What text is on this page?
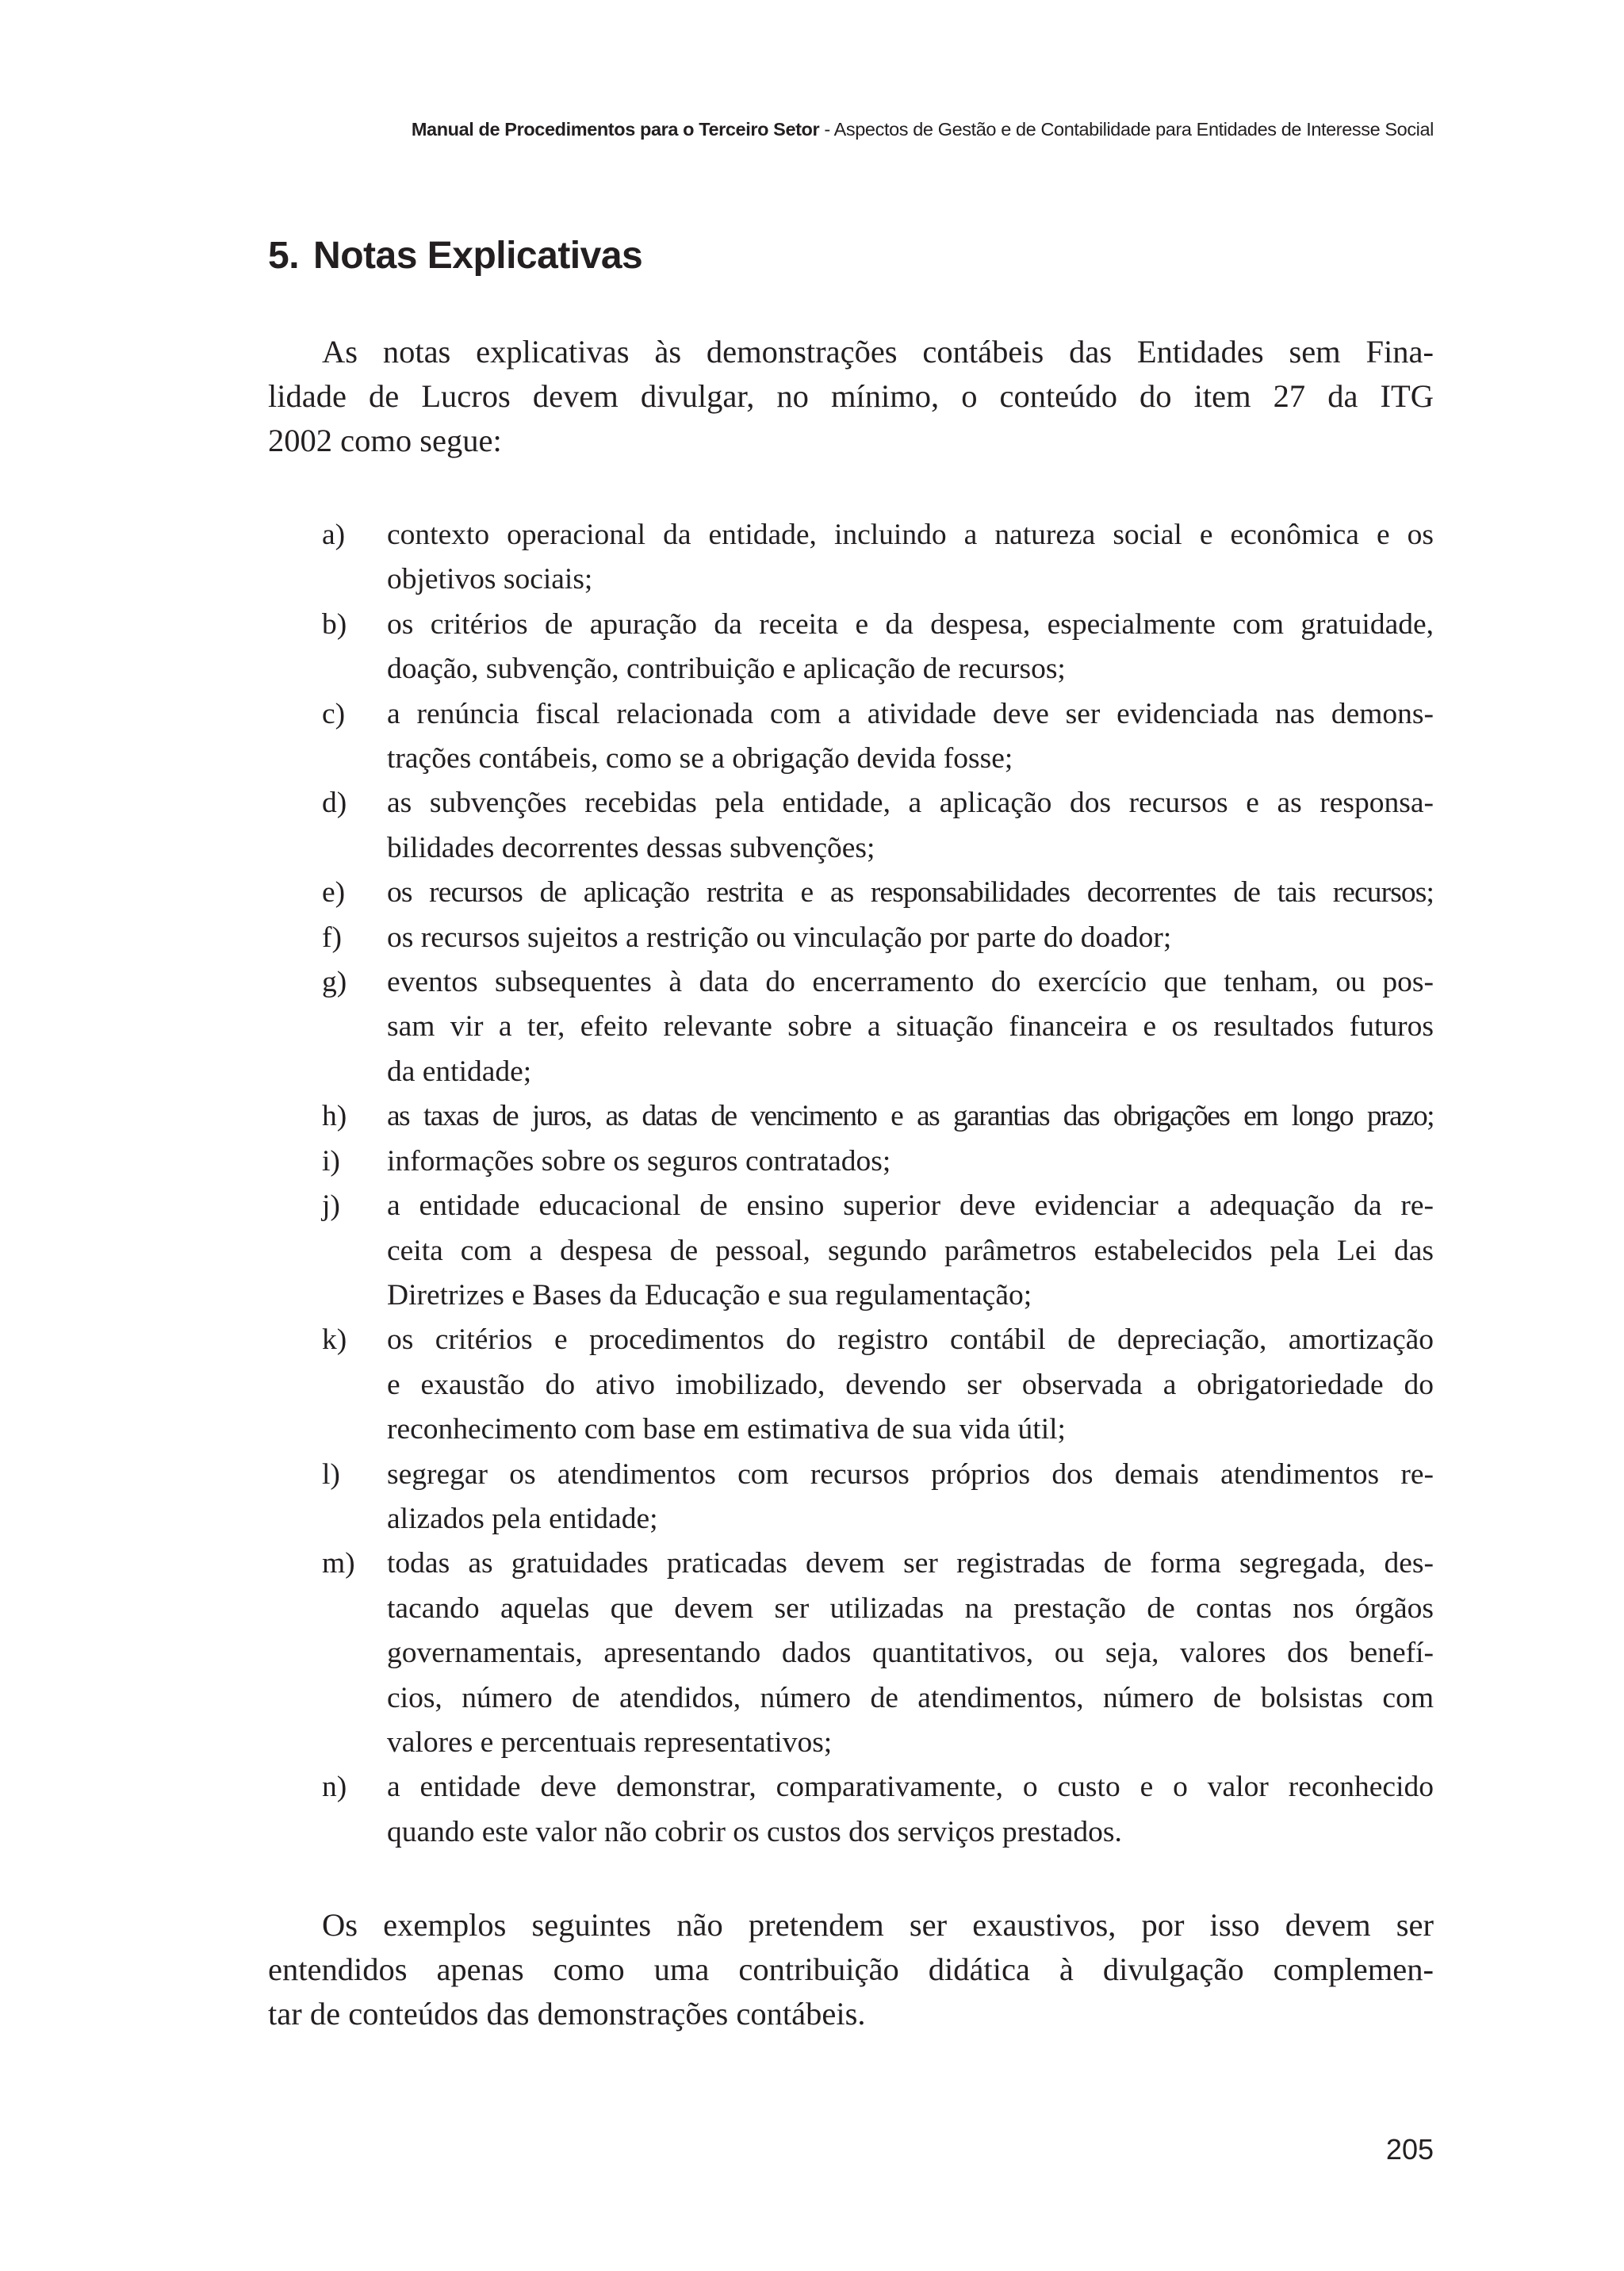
Manual de Procedimentos para o Terceiro Setor - Aspectos de Gestão e de Contabilidade para Entidades de Interesse Social
5. Notas Explicativas

As notas explicativas às demonstrações contábeis das Entidades sem Fina-
lidade de Lucros devem divulgar, no mínimo, o conteúdo do item 27 da ITG
2002 como segue:

a) contexto operacional da entidade, incluindo a natureza social e econômica e os
objetivos sociais;
b) os critérios de apuração da receita e da despesa, especialmente com gratuidade,
doação, subvenção, contribuição e aplicação de recursos;
c) a renúncia fiscal relacionada com a atividade deve ser evidenciada nas demons-
trações contábeis, como se a obrigação devida fosse;
d) as subvenções recebidas pela entidade, a aplicação dos recursos e as responsa-
bilidades decorrentes dessas subvenções;
e) os recursos de aplicação restrita e as responsabilidades decorrentes de tais recursos;
f) os recursos sujeitos a restrição ou vinculação por parte do doador;
g) eventos subsequentes à data do encerramento do exercício que tenham, ou pos-
sam vir a ter, efeito relevante sobre a situação financeira e os resultados futuros
da entidade;
h) as taxas de juros, as datas de vencimento e as garantias das obrigações em longo prazo;
i) informações sobre os seguros contratados;
j) a entidade educacional de ensino superior deve evidenciar a adequação da re-
ceita com a despesa de pessoal, segundo parâmetros estabelecidos pela Lei das
Diretrizes e Bases da Educação e sua regulamentação;
k) os critérios e procedimentos do registro contábil de depreciação, amortização
e exaustão do ativo imobilizado, devendo ser observada a obrigatoriedade do
reconhecimento com base em estimativa de sua vida útil;
l) segregar os atendimentos com recursos próprios dos demais atendimentos re-
alizados pela entidade;
m) todas as gratuidades praticadas devem ser registradas de forma segregada, des-
tacando aquelas que devem ser utilizadas na prestação de contas nos órgãos
governamentais, apresentando dados quantitativos, ou seja, valores dos benefí-
cios, número de atendidos, número de atendimentos, número de bolsistas com
valores e percentuais representativos;
n) a entidade deve demonstrar, comparativamente, o custo e o valor reconhecido
quando este valor não cobrir os custos dos serviços prestados.

Os exemplos seguintes não pretendem ser exaustivos, por isso devem ser
entendidos apenas como uma contribuição didática à divulgação complemen-
tar de conteúdos das demonstrações contábeis.

205
